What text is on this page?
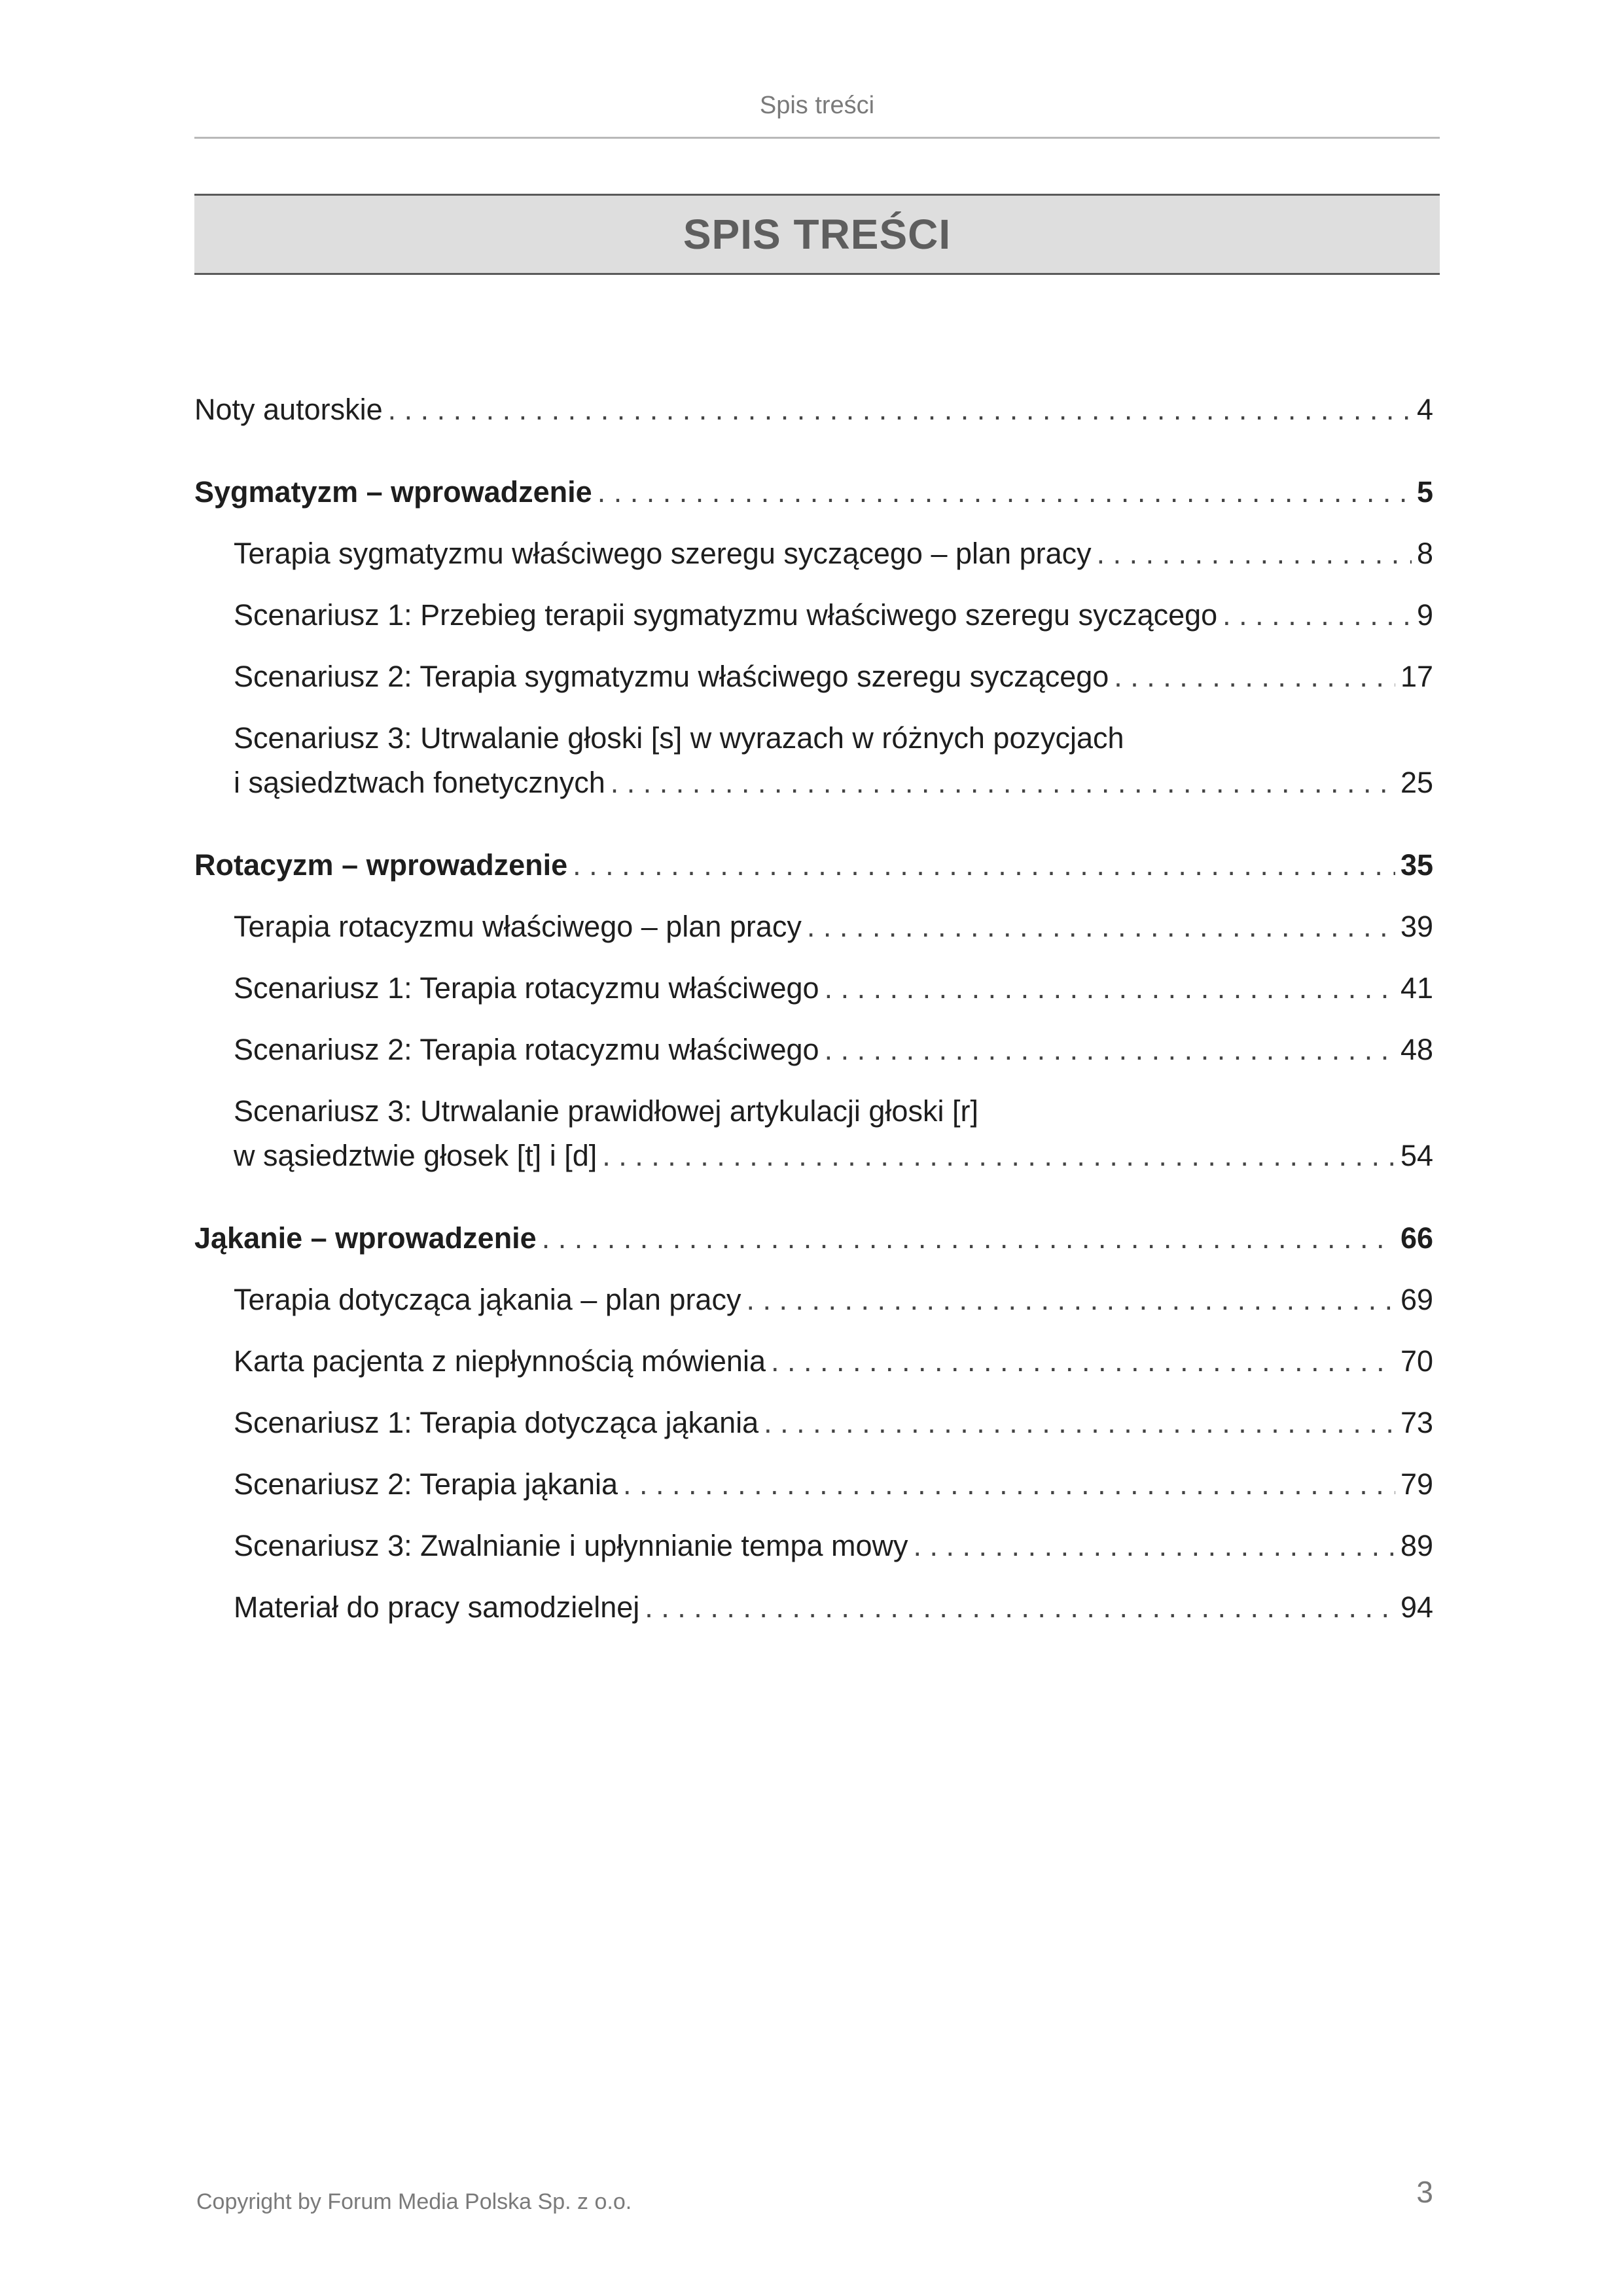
Spis treści
SPIS TREŚCI
Noty autorskie . . .	4
Sygmatyzm – wprowadzenie . . .	5
Terapia sygmatyzmu właściwego szeregu syczącego – plan pracy . . .	8
Scenariusz 1: Przebieg terapii sygmatyzmu właściwego szeregu syczącego . . .	9
Scenariusz 2: Terapia sygmatyzmu właściwego szeregu syczącego . . .	17
Scenariusz 3: Utrwalanie głoski [s] w wyrazach w różnych pozycjach
i sąsiedztwach fonetycznych . . .	25
Rotacyzm – wprowadzenie . . .	35
Terapia rotacyzmu właściwego – plan pracy . . .	39
Scenariusz 1: Terapia rotacyzmu właściwego . . .	41
Scenariusz 2: Terapia rotacyzmu właściwego . . .	48
Scenariusz 3: Utrwalanie prawidłowej artykulacji głoski [r]
w sąsiedztwie głosek [t] i [d] . . .	54
Jąkanie – wprowadzenie . . .	66
Terapia dotycząca jąkania – plan pracy . . .	69
Karta pacjenta z niepłynnością mówienia . . .	70
Scenariusz 1: Terapia dotycząca jąkania . . .	73
Scenariusz 2: Terapia jąkania . . .	79
Scenariusz 3: Zwalnianie i upłynnianie tempa mowy . . .	89
Materiał do pracy samodzielnej . . .	94
Copyright by Forum Media Polska Sp. z o.o.	3
